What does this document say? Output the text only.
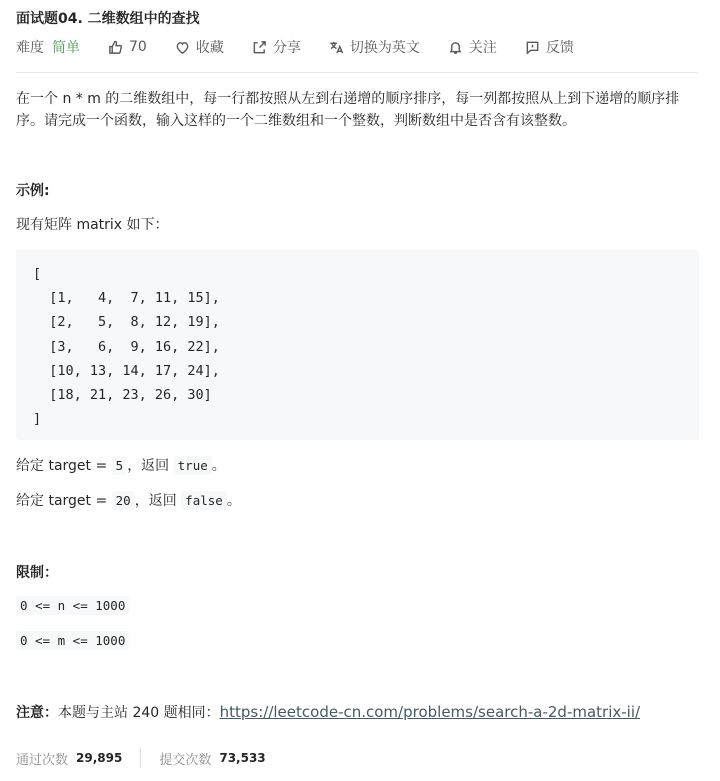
面试题04. 二维数组中的查找
难度 简单	70	收藏	分享	切换为英文	关注	反馈
在一个 n * m 的二维数组中，每一行都按照从左到右递增的顺序排序，每一列都按照从上到下递增的顺序排序。请完成一个函数，输入这样的一个二维数组和一个整数，判断数组中是否含有该整数。
示例:
现有矩阵 matrix 如下：
[
[1,   4,  7, 11, 15],
[2,   5,  8, 12, 19],
[3,   6,  9, 16, 22],
[10, 13, 14, 17, 24],
[18, 21, 23, 26, 30]
]
给定 target = 5 ，返回 true 。
给定 target = 20 ，返回 false 。
限制：
0 <= n <= 1000
0 <= m <= 1000
注意： 本题与主站 240 题相同： https://leetcode-cn.com/problems/search-a-2d-matrix-ii/
通过次数 29,895	提交次数 73,533
